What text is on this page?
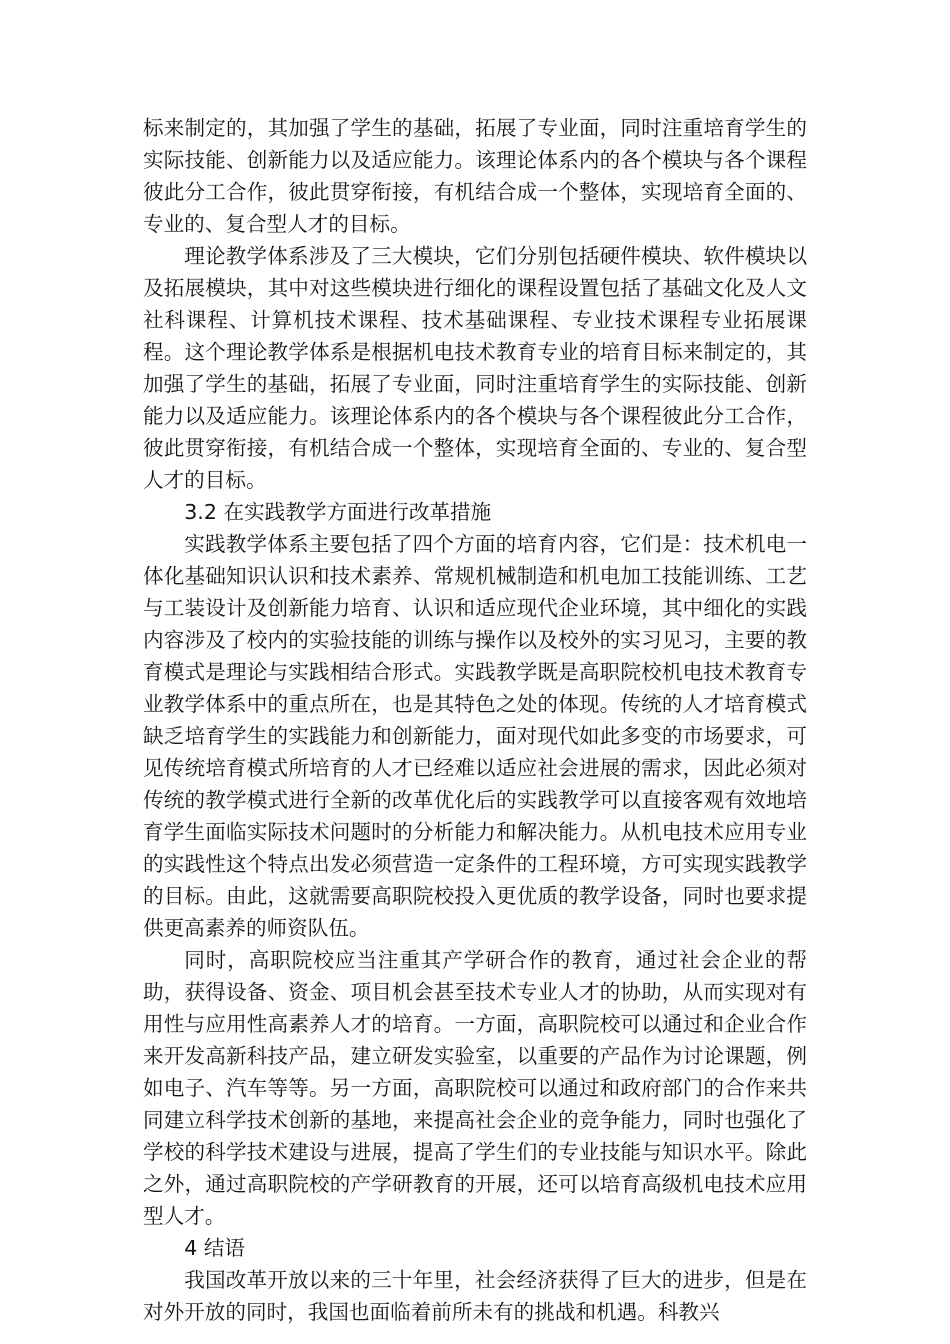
标来制定的，其加强了学生的基础，拓展了专业面，同时注重培育学生的实际技能、创新能力以及适应能力。该理论体系内的各个模块与各个课程彼此分工合作，彼此贯穿衔接，有机结合成一个整体，实现培育全面的、专业的、复合型人才的目标。

理论教学体系涉及了三大模块，它们分别包括硬件模块、软件模块以及拓展模块，其中对这些模块进行细化的课程设置包括了基础文化及人文社科课程、计算机技术课程、技术基础课程、专业技术课程专业拓展课程。这个理论教学体系是根据机电技术教育专业的培育目标来制定的，其加强了学生的基础，拓展了专业面，同时注重培育学生的实际技能、创新能力以及适应能力。该理论体系内的各个模块与各个课程彼此分工合作，彼此贯穿衔接，有机结合成一个整体，实现培育全面的、专业的、复合型人才的目标。

3.2 在实践教学方面进行改革措施

实践教学体系主要包括了四个方面的培育内容，它们是：技术机电一体化基础知识认识和技术素养、常规机械制造和机电加工技能训练、工艺与工装设计及创新能力培育、认识和适应现代企业环境，其中细化的实践内容涉及了校内的实验技能的训练与操作以及校外的实习见习，主要的教育模式是理论与实践相结合形式。实践教学既是高职院校机电技术教育专业教学体系中的重点所在，也是其特色之处的体现。传统的人才培育模式缺乏培育学生的实践能力和创新能力，面对现代如此多变的市场要求，可见传统培育模式所培育的人才已经难以适应社会进展的需求，因此必须对传统的教学模式进行全新的改革优化后的实践教学可以直接客观有效地培育学生面临实际技术问题时的分析能力和解决能力。从机电技术应用专业的实践性这个特点出发必须营造一定条件的工程环境，方可实现实践教学的目标。由此，这就需要高职院校投入更优质的教学设备，同时也要求提供更高素养的师资队伍。

同时，高职院校应当注重其产学研合作的教育，通过社会企业的帮助，获得设备、资金、项目机会甚至技术专业人才的协助，从而实现对有用性与应用性高素养人才的培育。一方面，高职院校可以通过和企业合作来开发高新科技产品，建立研发实验室，以重要的产品作为讨论课题，例如电子、汽车等等。另一方面，高职院校可以通过和政府部门的合作来共同建立科学技术创新的基地，来提高社会企业的竞争能力，同时也强化了学校的科学技术建设与进展，提高了学生们的专业技能与知识水平。除此之外，通过高职院校的产学研教育的开展，还可以培育高级机电技术应用型人才。

4 结语

我国改革开放以来的三十年里，社会经济获得了巨大的进步，但是在对外开放的同时，我国也面临着前所未有的挑战和机遇。科教兴
